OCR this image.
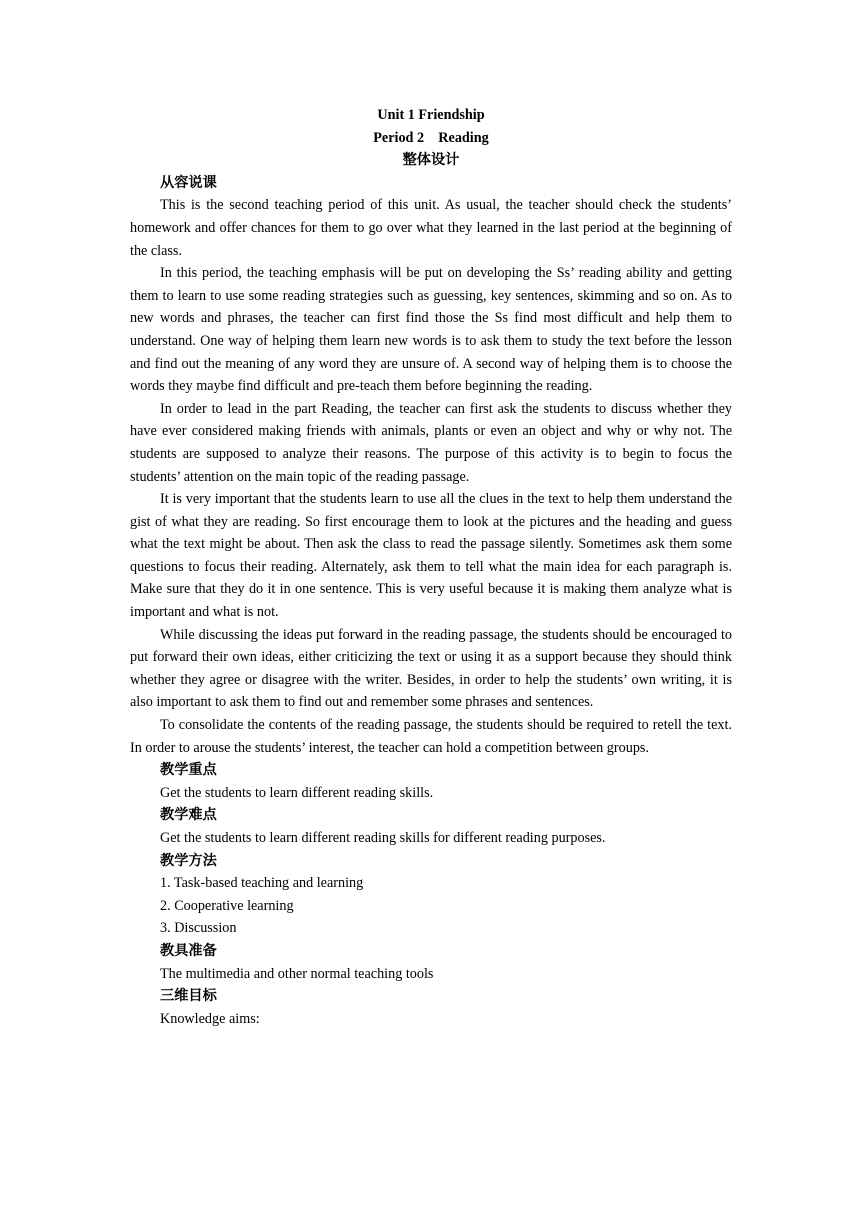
Unit 1 Friendship

Period 2    Reading

整体设计

从容说课

This is the second teaching period of this unit. As usual, the teacher should check the students’ homework and offer chances for them to go over what they learned in the last period at the beginning of the class.

In this period, the teaching emphasis will be put on developing the Ss’ reading ability and getting them to learn to use some reading strategies such as guessing, key sentences, skimming and so on. As to new words and phrases, the teacher can first find those the Ss find most difficult and help them to understand. One way of helping them learn new words is to ask them to study the text before the lesson and find out the meaning of any word they are unsure of. A second way of helping them is to choose the words they maybe find difficult and pre-teach them before beginning the reading.

In order to lead in the part Reading, the teacher can first ask the students to discuss whether they have ever considered making friends with animals, plants or even an object and why or why not. The students are supposed to analyze their reasons. The purpose of this activity is to begin to focus the students’ attention on the main topic of the reading passage.

It is very important that the students learn to use all the clues in the text to help them understand the gist of what they are reading. So first encourage them to look at the pictures and the heading and guess what the text might be about. Then ask the class to read the passage silently. Sometimes ask them some questions to focus their reading. Alternately, ask them to tell what the main idea for each paragraph is. Make sure that they do it in one sentence. This is very useful because it is making them analyze what is important and what is not.

While discussing the ideas put forward in the reading passage, the students should be encouraged to put forward their own ideas, either criticizing the text or using it as a support because they should think whether they agree or disagree with the writer. Besides, in order to help the students’ own writing, it is also important to ask them to find out and remember some phrases and sentences.

To consolidate the contents of the reading passage, the students should be required to retell the text. In order to arouse the students’ interest, the teacher can hold a competition between groups.

教学重点

Get the students to learn different reading skills.

教学难点

Get the students to learn different reading skills for different reading purposes.

教学方法

1. Task-based teaching and learning

2. Cooperative learning

3. Discussion

教具准备

The multimedia and other normal teaching tools

三维目标

Knowledge aims:
